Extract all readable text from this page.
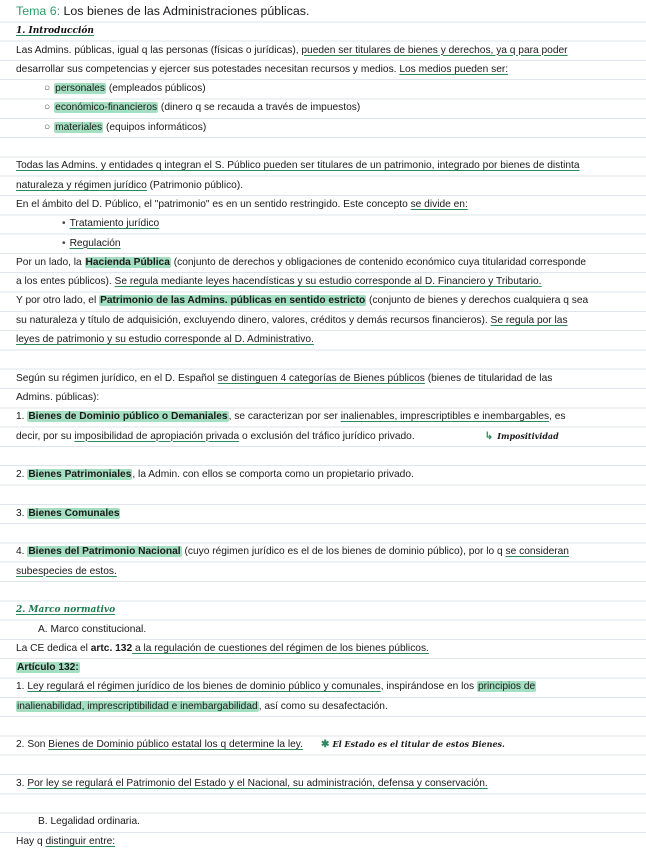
Tema 6: Los bienes de las Administraciones públicas.
1. Introducción
Las Admins. públicas, igual q las personas (físicas o jurídicas), pueden ser titulares de bienes y derechos, ya q para poder
desarrollar sus competencias y ejercer sus potestades necesitan recursos y medios. Los medios pueden ser:
○ personales (empleados públicos)
○ económico-financieros (dinero q se recauda a través de impuestos)
○ materiales (equipos informáticos)
Todas las Admins. y entidades q integran el S. Público pueden ser titulares de un patrimonio, integrado por bienes de distinta
naturaleza y régimen jurídico (Patrimonio público).
En el ámbito del D. Público, el "patrimonio" es en un sentido restringido. Este concepto se divide en:
• Tratamiento jurídico
• Regulación
Por un lado, la Hacienda Pública (conjunto de derechos y obligaciones de contenido económico cuya titularidad corresponde
a los entes públicos). Se regula mediante leyes hacendísticas y su estudio corresponde al D. Financiero y Tributario.
Y por otro lado, el Patrimonio de las Admins. públicas en sentido estricto (conjunto de bienes y derechos cualquiera q sea
su naturaleza y título de adquisición, excluyendo dinero, valores, créditos y demás recursos financieros). Se regula por las
leyes de patrimonio y su estudio corresponde al D. Administrativo.
Según su régimen jurídico, en el D. Español se distinguen 4 categorías de Bienes públicos (bienes de titularidad de las
Admins. públicas):
1. Bienes de Dominio público o Demaniales, se caracterizan por ser inalienables, imprescriptibles e inembargables, es
decir, por su imposibilidad de apropiación privada o exclusión del tráfico jurídico privado.	↳ Impositividad
2. Bienes Patrimoniales, la Admin. con ellos se comporta como un propietario privado.
3. Bienes Comunales
4. Bienes del Patrimonio Nacional (cuyo régimen jurídico es el de los bienes de dominio público), por lo q se consideran
subespecies de estos.
2. Marco normativo
A. Marco constitucional.
La CE dedica el artc. 132 a la regulación de cuestiones del régimen de los bienes públicos.
Artículo 132:
1. Ley regulará el régimen jurídico de los bienes de dominio público y comunales, inspirándose en los principios de
inalienabilidad, imprescriptibilidad e inembargabilidad, así como su desafectación.
2. Son Bienes de Dominio público estatal los q determine la ley. ✱ El Estado es el titular de estos Bienes.
3. Por ley se regulará el Patrimonio del Estado y el Nacional, su administración, defensa y conservación.
B. Legalidad ordinaria.
Hay q distinguir entre:
